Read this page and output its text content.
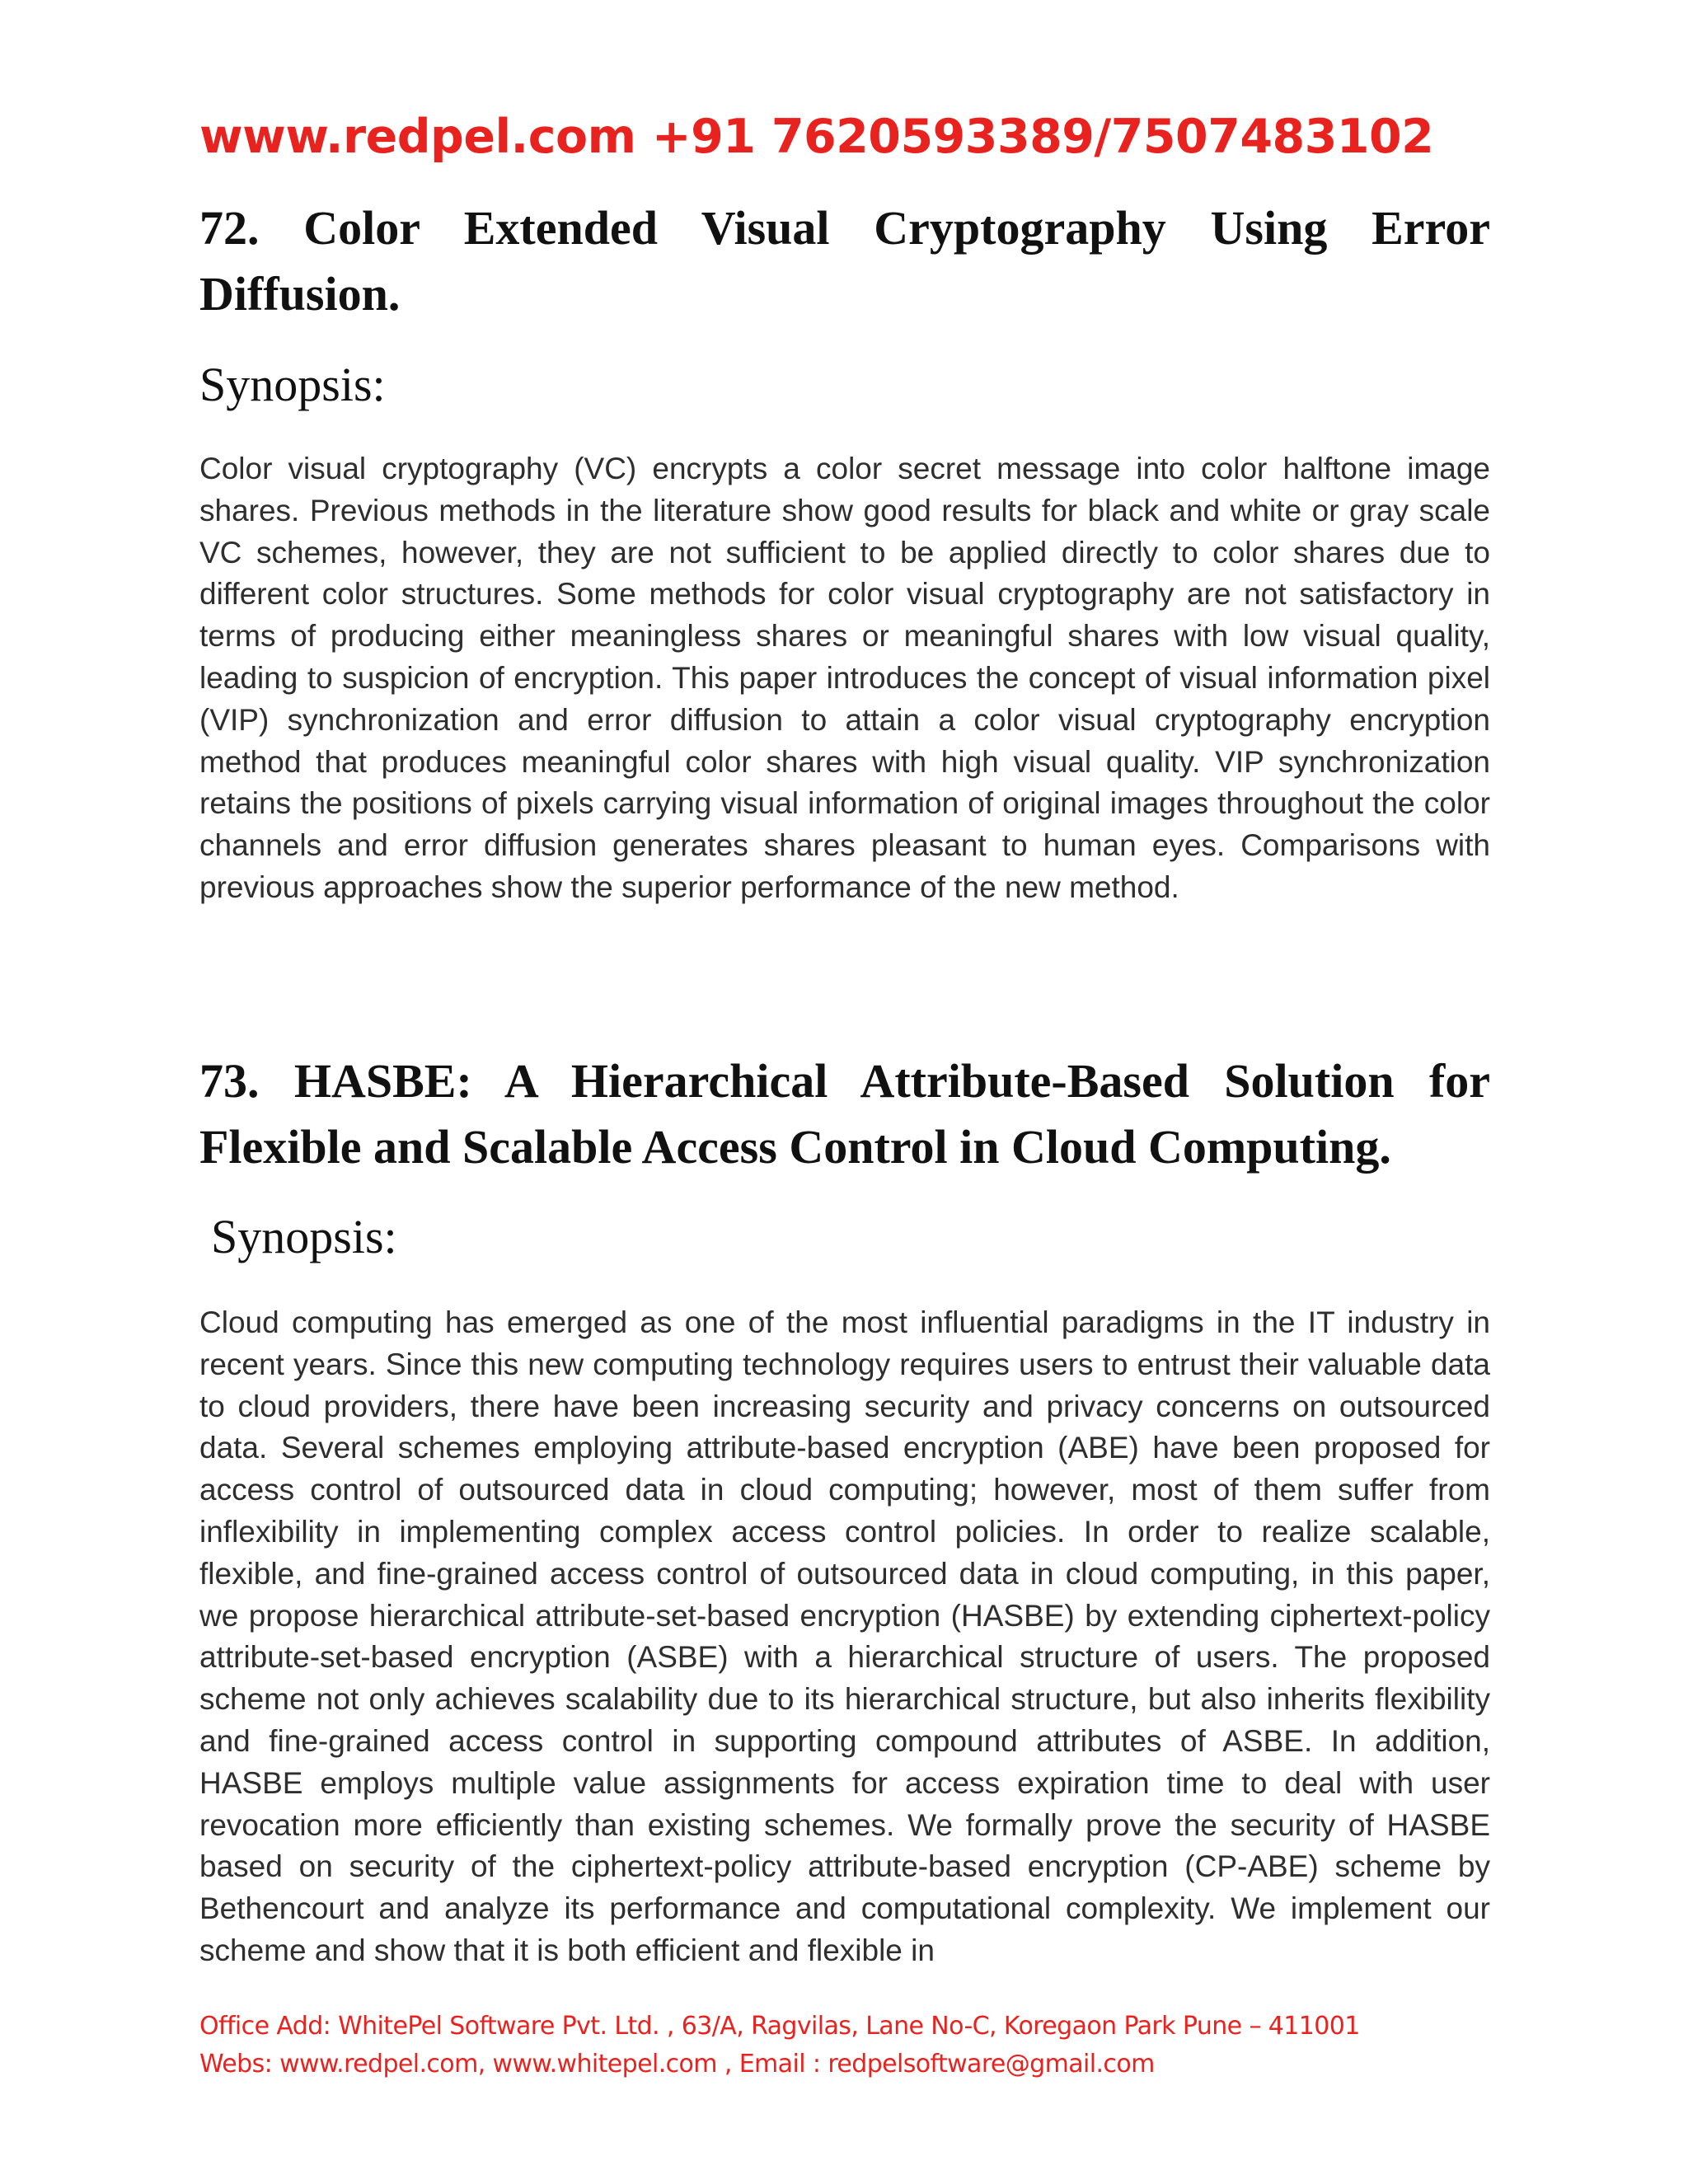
www.redpel.com +91 7620593389/7507483102
72. Color Extended Visual Cryptography Using Error Diffusion.
Synopsis:

Color visual cryptography (VC) encrypts a color secret message into color halftone image shares. Previous methods in the literature show good results for black and white or gray scale VC schemes, however, they are not sufficient to be applied directly to color shares due to different color structures. Some methods for color visual cryptography are not satisfactory in terms of producing either meaningless shares or meaningful shares with low visual quality, leading to suspicion of encryption. This paper introduces the concept of visual information pixel (VIP) synchronization and error diffusion to attain a color visual cryptography encryption method that produces meaningful color shares with high visual quality. VIP synchronization retains the positions of pixels carrying visual information of original images throughout the color channels and error diffusion generates shares pleasant to human eyes. Comparisons with previous approaches show the superior performance of the new method.

73. HASBE: A Hierarchical Attribute-Based Solution for Flexible and Scalable Access Control in Cloud Computing.
Synopsis:

Cloud computing has emerged as one of the most influential paradigms in the IT industry in recent years. Since this new computing technology requires users to entrust their valuable data to cloud providers, there have been increasing security and privacy concerns on outsourced data. Several schemes employing attribute-based encryption (ABE) have been proposed for access control of outsourced data in cloud computing; however, most of them suffer from inflexibility in implementing complex access control policies. In order to realize scalable, flexible, and fine-grained access control of outsourced data in cloud computing, in this paper, we propose hierarchical attribute-set-based encryption (HASBE) by extending ciphertext-policy attribute-set-based encryption (ASBE) with a hierarchical structure of users. The proposed scheme not only achieves scalability due to its hierarchical structure, but also inherits flexibility and fine-grained access control in supporting compound attributes of ASBE. In addition, HASBE employs multiple value assignments for access expiration time to deal with user revocation more efficiently than existing schemes. We formally prove the security of HASBE based on security of the ciphertext-policy attribute-based encryption (CP-ABE) scheme by Bethencourt and analyze its performance and computational complexity. We implement our scheme and show that it is both efficient and flexible in

Office Add: WhitePel Software Pvt. Ltd. , 63/A, Ragvilas, Lane No-C, Koregaon Park Pune – 411001
Webs: www.redpel.com, www.whitepel.com , Email : redpelsoftware@gmail.com
